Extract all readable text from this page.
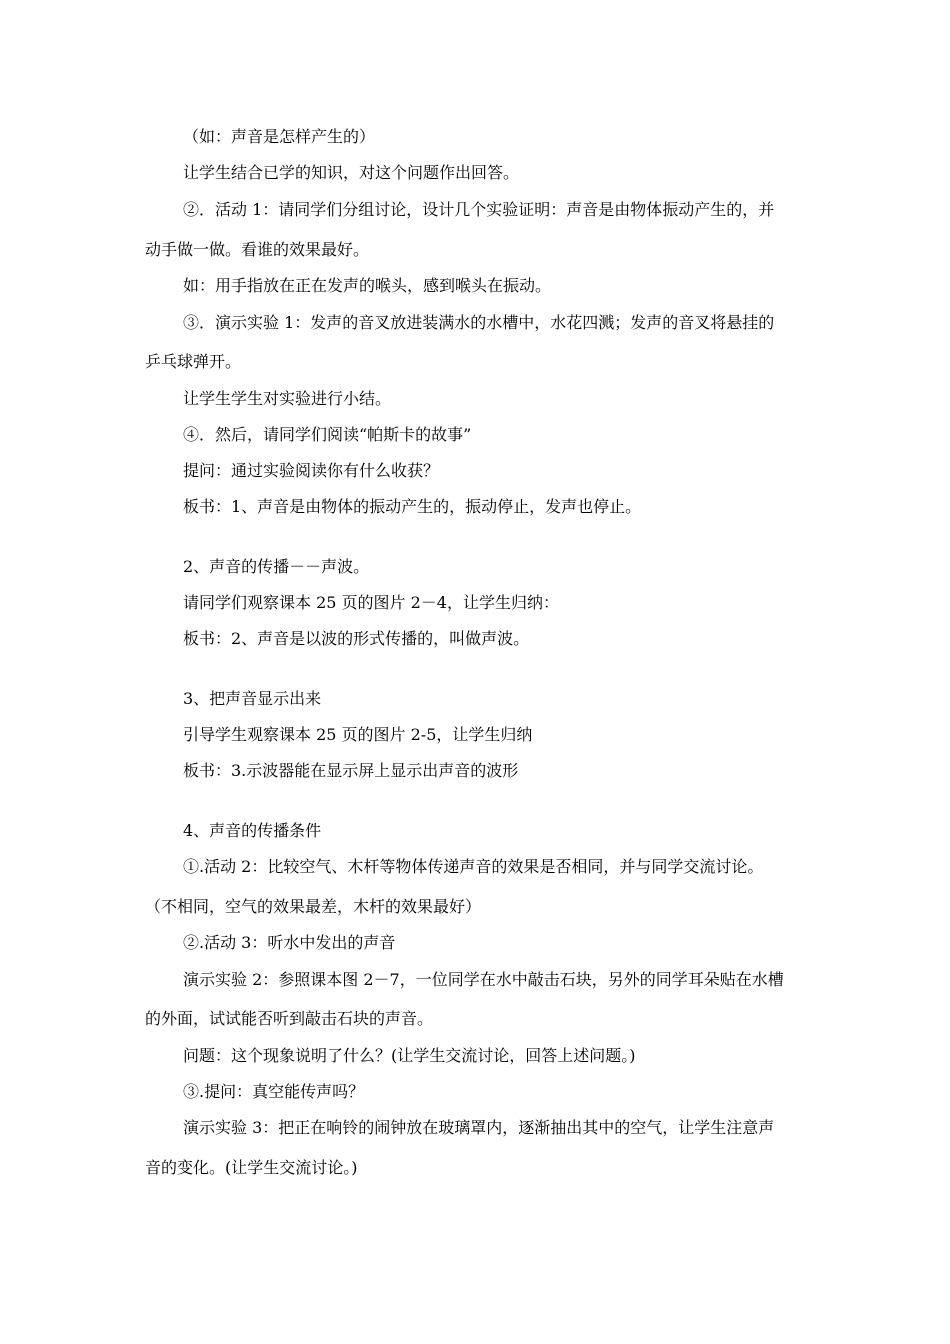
（如：声音是怎样产生的）
让学生结合已学的知识，对这个问题作出回答。
②．活动 1：请同学们分组讨论，设计几个实验证明：声音是由物体振动产生的，并
动手做一做。看谁的效果最好。
如：用手指放在正在发声的喉头，感到喉头在振动。
③．演示实验 1：发声的音叉放进装满水的水槽中，水花四溅；发声的音叉将悬挂的
乒乓球弹开。
让学生学生对实验进行小结。
④．然后，请同学们阅读“帕斯卡的故事”
提问：通过实验阅读你有什么收获？
板书：1、声音是由物体的振动产生的，振动停止，发声也停止。
2、声音的传播－－声波。
请同学们观察课本 25 页的图片 2－4，让学生归纳：
板书：2、声音是以波的形式传播的，叫做声波。
3、把声音显示出来
引导学生观察课本 25 页的图片 2-5，让学生归纳
板书：3.示波器能在显示屏上显示出声音的波形
4、声音的传播条件
①.活动 2：比较空气、木杆等物体传递声音的效果是否相同，并与同学交流讨论。
（不相同，空气的效果最差，木杆的效果最好）
②.活动 3：听水中发出的声音
演示实验 2：参照课本图 2－7，一位同学在水中敲击石块，另外的同学耳朵贴在水槽
的外面，试试能否听到敲击石块的声音。
问题：这个现象说明了什么？(让学生交流讨论，回答上述问题。)
③.提问：真空能传声吗？
演示实验 3：把正在响铃的闹钟放在玻璃罩内，逐渐抽出其中的空气，让学生注意声
音的变化。(让学生交流讨论。)
